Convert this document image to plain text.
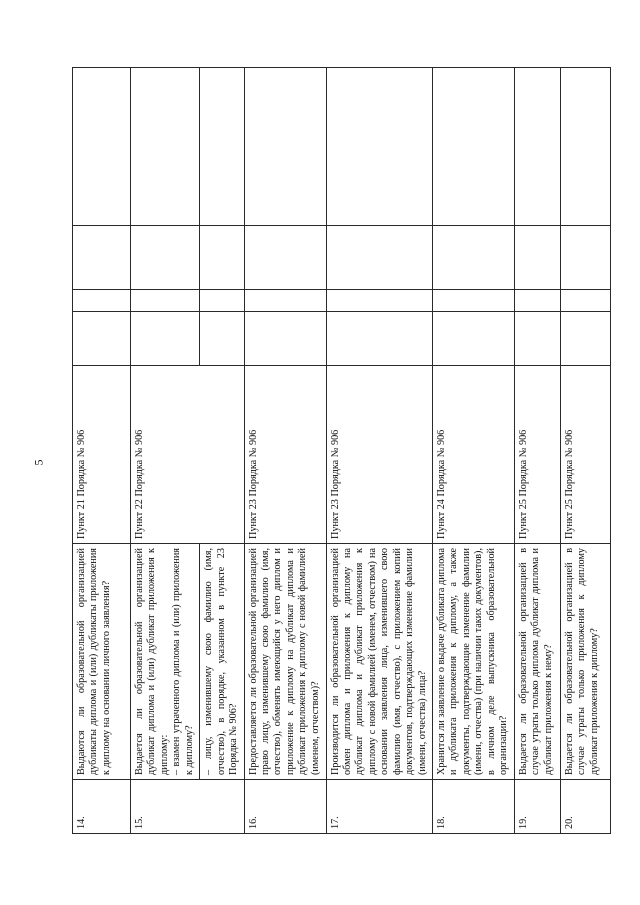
5
14.	Выдаются ли образовательной организацией дубликаты диплома и (или) дубликаты приложения к диплому на основании личного заявления?	Пункт 21 Порядка № 906				
15.	Выдается ли образовательной организацией дубликат диплома и (или) дубликат приложения к диплому: – взамен утраченного диплома и (или) приложения к диплому?	Пункт 22 Порядка № 906				
	– лицу, изменившему свою фамилию (имя, отчество), в порядке, указанном в пункте 23 Порядка № 906?					
16.	Предоставляется ли образовательной организацией право лицу, изменившему свою фамилию (имя, отчество), обменять имеющийся у него диплом и приложение к диплому на дубликат диплома и дубликат приложения к диплому с новой фамилией (именем, отчеством)?	Пункт 23 Порядка № 906				
17.	Производится ли образовательной организацией обмен диплома и приложения к диплому на дубликат диплома и дубликат приложения к диплому с новой фамилией (именем, отчеством) на основании заявления лица, изменившего свою фамилию (имя, отчество), с приложением копий документов, подтверждающих изменение фамилии (имени, отчества) лица?	Пункт 23 Порядка № 906				
18.	Хранится ли заявление о выдаче дубликата диплома и дубликата приложения к диплому, а также документы, подтверждающие изменение фамилии (имени, отчества) (при наличии таких документов), в личном деле выпускника образовательной организации?	Пункт 24 Порядка № 906				
19.	Выдается ли образовательной организацией в случае утраты только диплома дубликат диплома и дубликат приложения к нему?	Пункт 25 Порядка № 906				
20.	Выдается ли образовательной организацией в случае утраты только приложения к диплому дубликат приложения к диплому?	Пункт 25 Порядка № 906				
